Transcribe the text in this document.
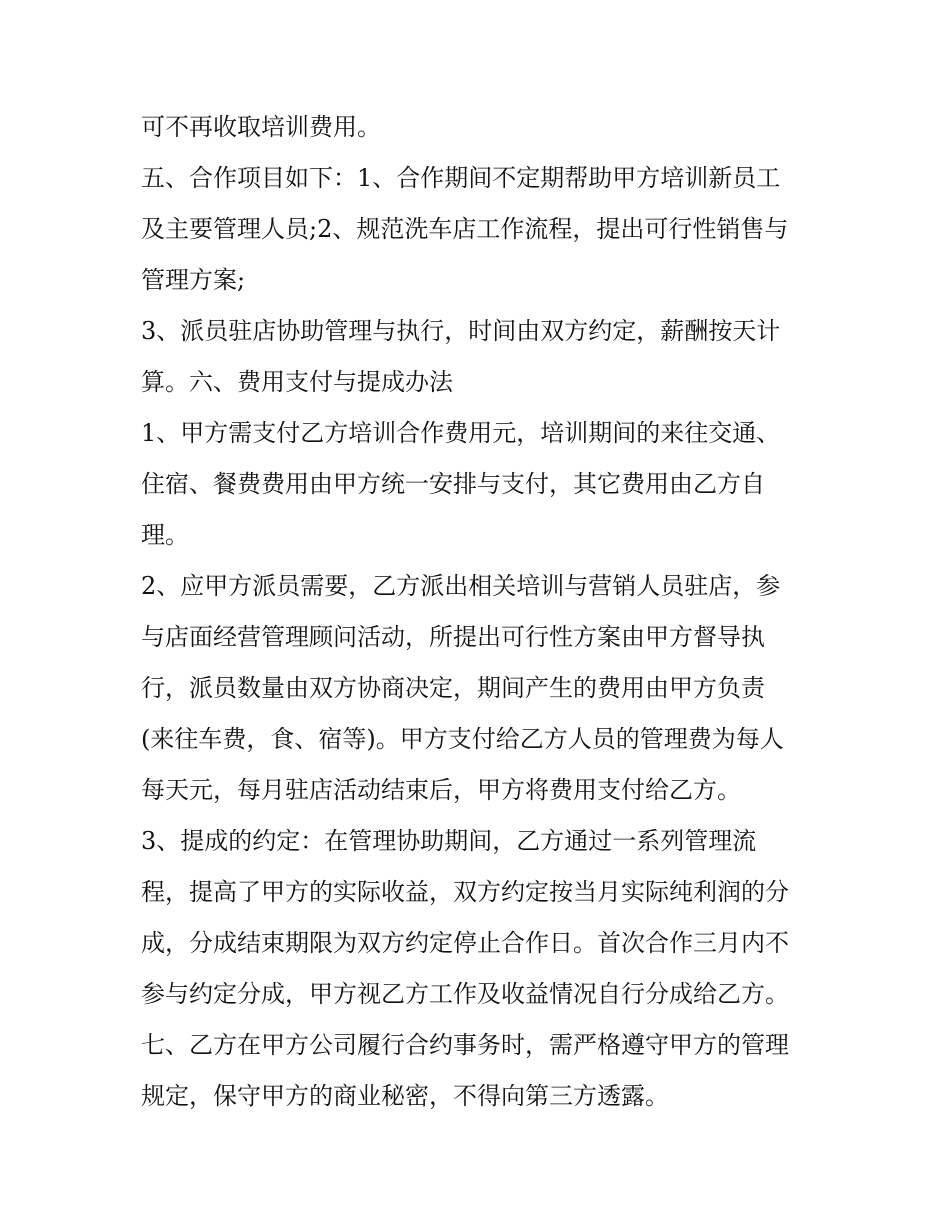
可不再收取培训费用。
五、合作项目如下：1、合作期间不定期帮助甲方培训新员工
及主要管理人员;2、规范洗车店工作流程，提出可行性销售与
管理方案;
3、派员驻店协助管理与执行，时间由双方约定，薪酬按天计
算。六、费用支付与提成办法
1、甲方需支付乙方培训合作费用元，培训期间的来往交通、
住宿、餐费费用由甲方统一安排与支付，其它费用由乙方自
理。
2、应甲方派员需要，乙方派出相关培训与营销人员驻店，参
与店面经营管理顾问活动，所提出可行性方案由甲方督导执
行，派员数量由双方协商决定，期间产生的费用由甲方负责
(来往车费，食、宿等)。甲方支付给乙方人员的管理费为每人
每天元，每月驻店活动结束后，甲方将费用支付给乙方。
3、提成的约定：在管理协助期间，乙方通过一系列管理流
程，提高了甲方的实际收益，双方约定按当月实际纯利润的分
成，分成结束期限为双方约定停止合作日。首次合作三月内不
参与约定分成，甲方视乙方工作及收益情况自行分成给乙方。
七、乙方在甲方公司履行合约事务时，需严格遵守甲方的管理
规定，保守甲方的商业秘密，不得向第三方透露。
